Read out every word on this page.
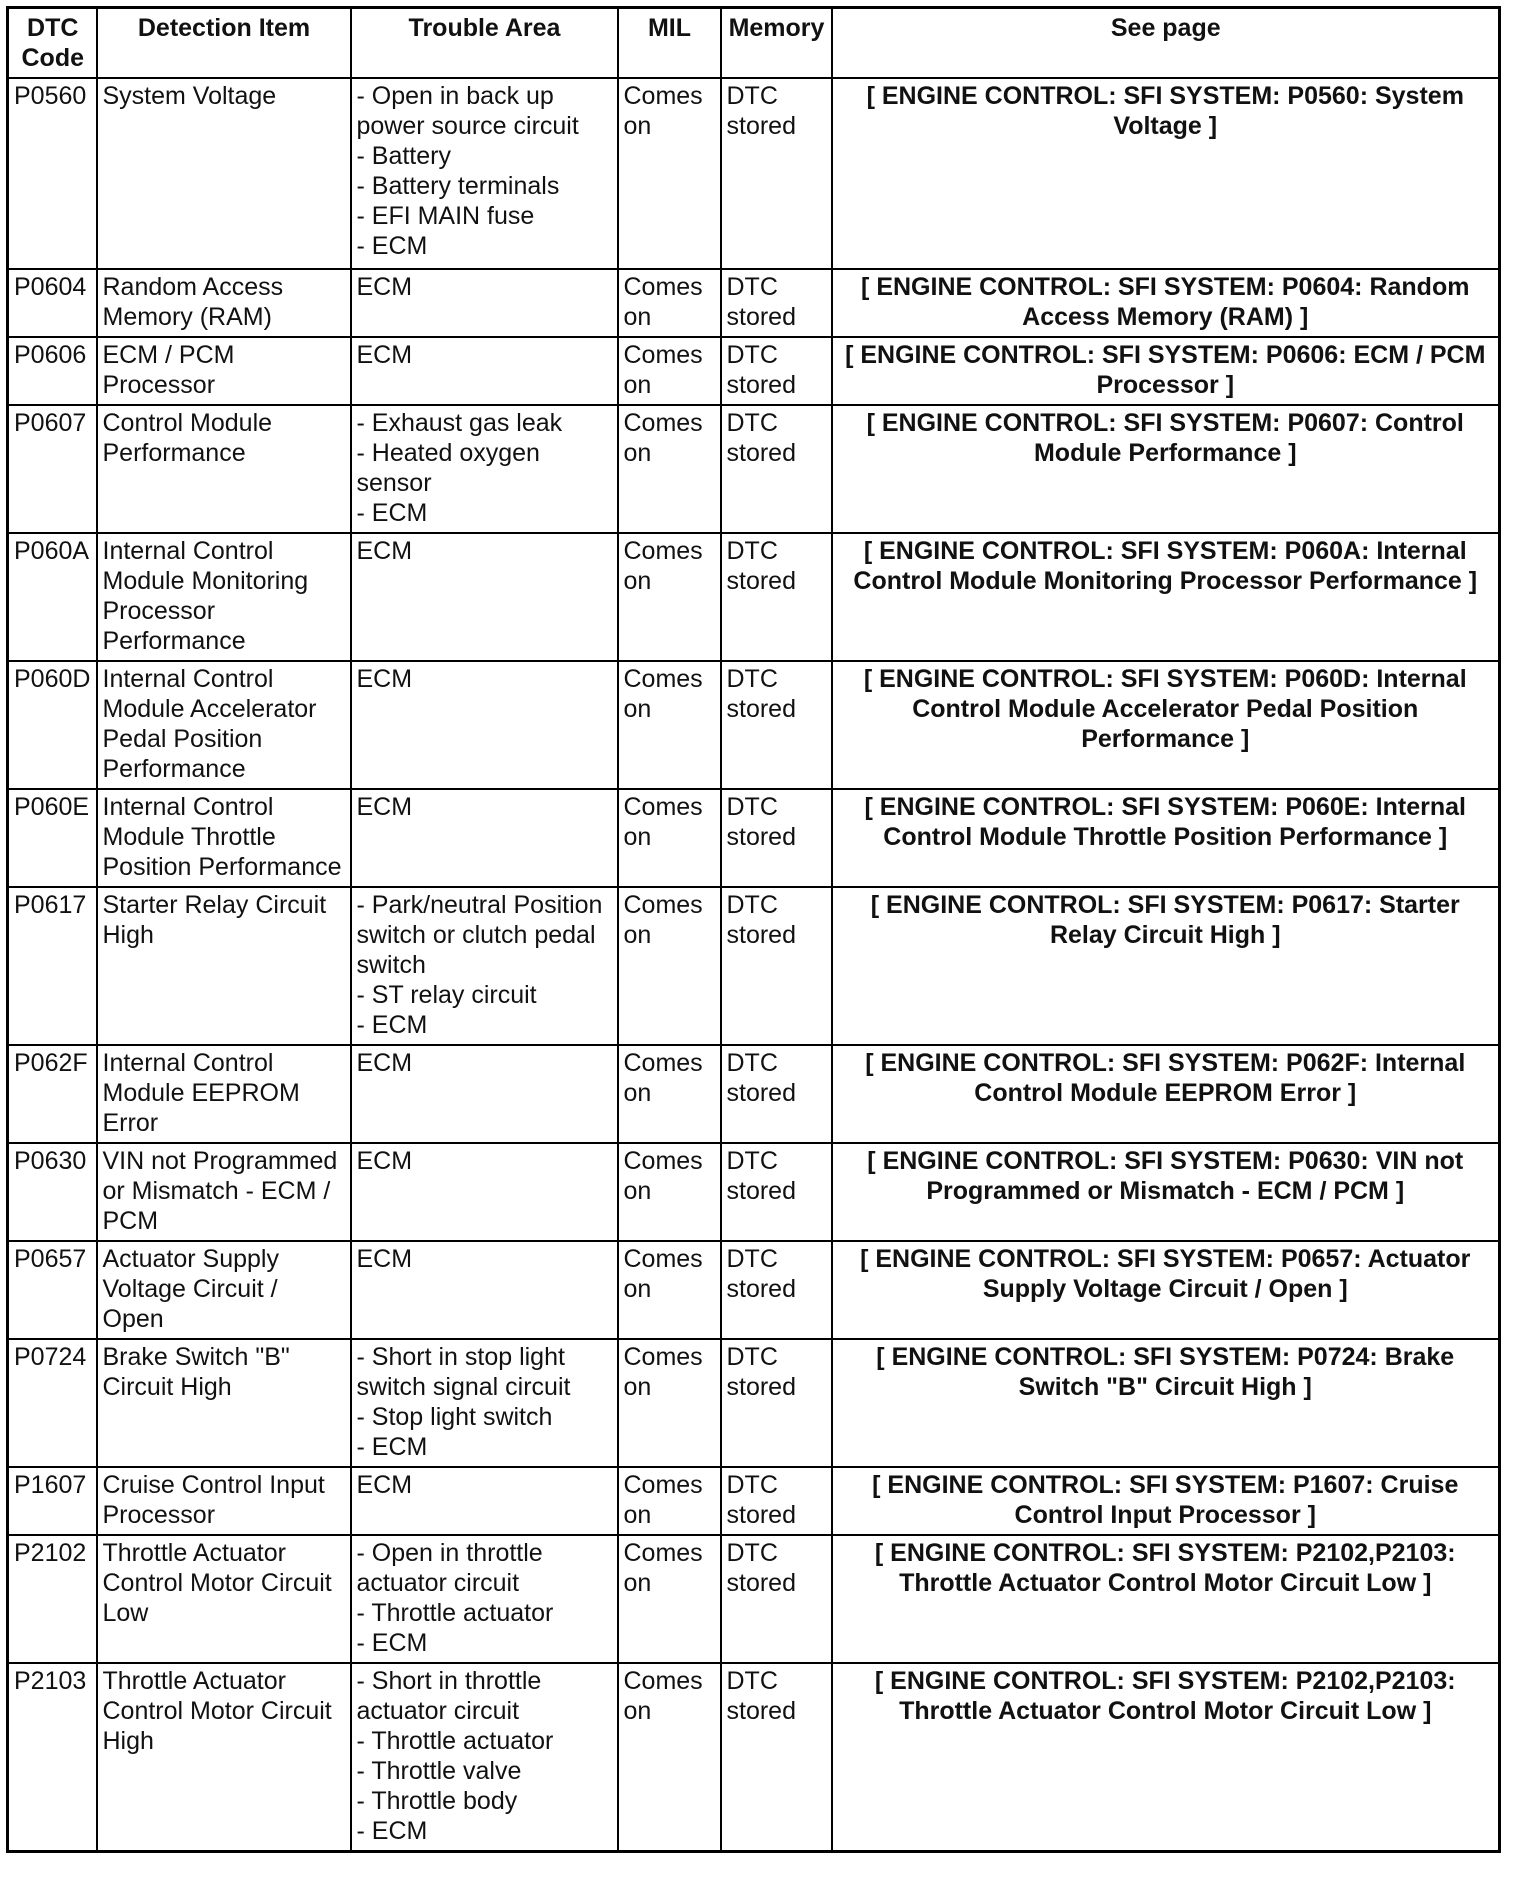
DTC Code	Detection Item	Trouble Area	MIL	Memory	See page
P0560	System Voltage	- Open in back up power source circuit
- Battery
- Battery terminals
- EFI MAIN fuse
- ECM	Comes on	DTC stored	[ ENGINE CONTROL: SFI SYSTEM: P0560: System Voltage ]
P0604	Random Access Memory (RAM)	ECM	Comes on	DTC stored	[ ENGINE CONTROL: SFI SYSTEM: P0604: Random Access Memory (RAM) ]
P0606	ECM / PCM Processor	ECM	Comes on	DTC stored	[ ENGINE CONTROL: SFI SYSTEM: P0606: ECM / PCM Processor ]
P0607	Control Module Performance	- Exhaust gas leak
- Heated oxygen sensor
- ECM	Comes on	DTC stored	[ ENGINE CONTROL: SFI SYSTEM: P0607: Control Module Performance ]
P060A	Internal Control Module Monitoring Processor Performance	ECM	Comes on	DTC stored	[ ENGINE CONTROL: SFI SYSTEM: P060A: Internal Control Module Monitoring Processor Performance ]
P060D	Internal Control Module Accelerator Pedal Position Performance	ECM	Comes on	DTC stored	[ ENGINE CONTROL: SFI SYSTEM: P060D: Internal Control Module Accelerator Pedal Position Performance ]
P060E	Internal Control Module Throttle Position Performance	ECM	Comes on	DTC stored	[ ENGINE CONTROL: SFI SYSTEM: P060E: Internal Control Module Throttle Position Performance ]
P0617	Starter Relay Circuit High	- Park/neutral Position switch or clutch pedal switch
- ST relay circuit
- ECM	Comes on	DTC stored	[ ENGINE CONTROL: SFI SYSTEM: P0617: Starter Relay Circuit High ]
P062F	Internal Control Module EEPROM Error	ECM	Comes on	DTC stored	[ ENGINE CONTROL: SFI SYSTEM: P062F: Internal Control Module EEPROM Error ]
P0630	VIN not Programmed or Mismatch - ECM / PCM	ECM	Comes on	DTC stored	[ ENGINE CONTROL: SFI SYSTEM: P0630: VIN not Programmed or Mismatch - ECM / PCM ]
P0657	Actuator Supply Voltage Circuit / Open	ECM	Comes on	DTC stored	[ ENGINE CONTROL: SFI SYSTEM: P0657: Actuator Supply Voltage Circuit / Open ]
P0724	Brake Switch "B" Circuit High	- Short in stop light switch signal circuit
- Stop light switch
- ECM	Comes on	DTC stored	[ ENGINE CONTROL: SFI SYSTEM: P0724: Brake Switch "B" Circuit High ]
P1607	Cruise Control Input Processor	ECM	Comes on	DTC stored	[ ENGINE CONTROL: SFI SYSTEM: P1607: Cruise Control Input Processor ]
P2102	Throttle Actuator Control Motor Circuit Low	- Open in throttle actuator circuit
- Throttle actuator
- ECM	Comes on	DTC stored	[ ENGINE CONTROL: SFI SYSTEM: P2102,P2103: Throttle Actuator Control Motor Circuit Low ]
P2103	Throttle Actuator Control Motor Circuit High	- Short in throttle actuator circuit
- Throttle actuator
- Throttle valve
- Throttle body
- ECM	Comes on	DTC stored	[ ENGINE CONTROL: SFI SYSTEM: P2102,P2103: Throttle Actuator Control Motor Circuit Low ]
